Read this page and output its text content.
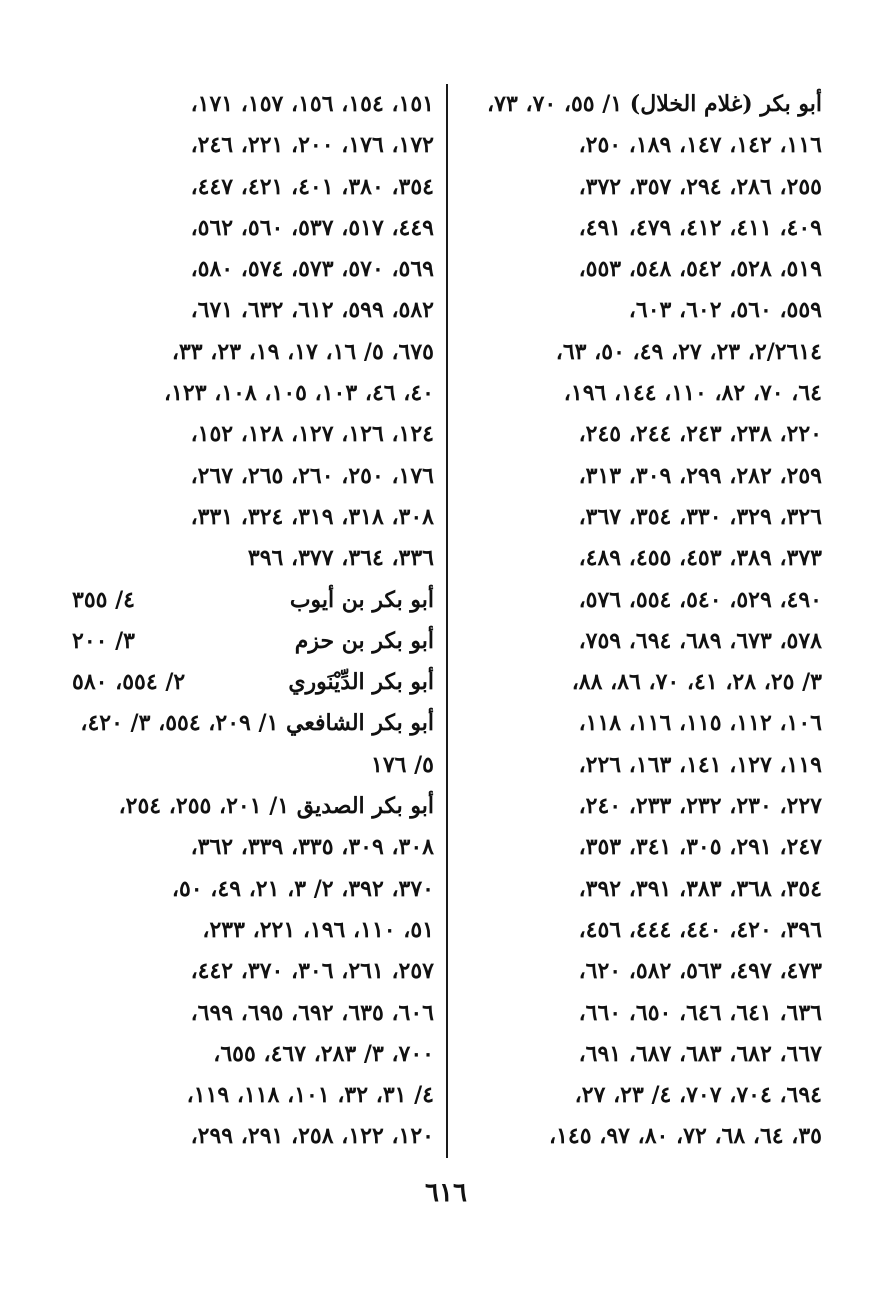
أبو بكر (غلام الخلال) ١/ ٥٥، ٧٠، ٧٣،
١١٦، ١٤٢، ١٤٧، ١٨٩، ٢٥٠،
٢٥٥، ٢٨٦، ٢٩٤، ٣٥٧، ٣٧٢،
٤٠٩، ٤١١، ٤١٢، ٤٧٩، ٤٩١،
٥١٩، ٥٢٨، ٥٤٢، ٥٤٨، ٥٥٣،
٥٥٩، ٥٦٠، ٦٠٢، ٦٠٣،
٢/٢٦١٤، ٢٣، ٢٧، ٤٩، ٥٠، ٦٣،
٦٤، ٧٠، ٨٢، ١١٠، ١٤٤، ١٩٦،
٢٢٠، ٢٣٨، ٢٤٣، ٢٤٤، ٢٤٥،
٢٥٩، ٢٨٢، ٢٩٩، ٣٠٩، ٣١٣،
٣٢٦، ٣٢٩، ٣٣٠، ٣٥٤، ٣٦٧،
٣٧٣، ٣٨٩، ٤٥٣، ٤٥٥، ٤٨٩،
٤٩٠، ٥٢٩، ٥٤٠، ٥٥٤، ٥٧٦،
٥٧٨، ٦٧٣، ٦٨٩، ٦٩٤، ٧٥٩،
٣/ ٢٥، ٢٨، ٤١، ٧٠، ٨٦، ٨٨،
١٠٦، ١١٢، ١١٥، ١١٦، ١١٨،
١١٩، ١٢٧، ١٤١، ١٦٣، ٢٢٦،
٢٢٧، ٢٣٠، ٢٣٢، ٢٣٣، ٢٤٠،
٢٤٧، ٢٩١، ٣٠٥، ٣٤١، ٣٥٣،
٣٥٤، ٣٦٨، ٣٨٣، ٣٩١، ٣٩٢،
٣٩٦، ٤٢٠، ٤٤٠، ٤٤٤، ٤٥٦،
٤٧٣، ٤٩٧، ٥٦٣، ٥٨٢، ٦٢٠،
٦٣٦، ٦٤١، ٦٤٦، ٦٥٠، ٦٦٠،
٦٦٧، ٦٨٢، ٦٨٣، ٦٨٧، ٦٩١،
٦٩٤، ٧٠٤، ٧٠٧، ٤/ ٢٣، ٢٧،
٣٥، ٦٤، ٦٨، ٧٢، ٨٠، ٩٧، ١٤٥،
١٥١، ١٥٤، ١٥٦، ١٥٧، ١٧١،
١٧٢، ١٧٦، ٢٠٠، ٢٢١، ٢٤٦،
٣٥٤، ٣٨٠، ٤٠١، ٤٢١، ٤٤٧،
٤٤٩، ٥١٧، ٥٣٧، ٥٦٠، ٥٦٢،
٥٦٩، ٥٧٠، ٥٧٣، ٥٧٤، ٥٨٠،
٥٨٢، ٥٩٩، ٦١٢، ٦٣٢، ٦٧١،
٦٧٥، ٥/ ١٦، ١٧، ١٩، ٢٣، ٣٣،
٤٠، ٤٦، ١٠٣، ١٠٥، ١٠٨، ١٢٣،
١٢٤، ١٢٦، ١٢٧، ١٢٨، ١٥٢،
١٧٦، ٢٥٠، ٢٦٠، ٢٦٥، ٢٦٧،
٣٠٨، ٣١٨، ٣١٩، ٣٢٤، ٣٣١،
٣٣٦، ٣٦٤، ٣٧٧، ٣٩٦
أبو بكر بن أيوب
٤/ ٣٥٥
أبو بكر بن حزم
٣/ ٢٠٠
أبو بكر الدِّيْنَوري
٢/ ٥٥٤، ٥٨٠
أبو بكر الشافعي ١/ ٢٠٩، ٥٥٤، ٣/ ٤٢٠،
٥/ ١٧٦
أبو بكر الصديق ١/ ٢٠١، ٢٥٥، ٢٥٤،
٣٠٨، ٣٠٩، ٣٣٥، ٣٣٩، ٣٦٢،
٣٧٠، ٣٩٢، ٢/ ٣، ٢١، ٤٩، ٥٠،
٥١، ١١٠، ١٩٦، ٢٢١، ٢٣٣،
٢٥٧، ٢٦١، ٣٠٦، ٣٧٠، ٤٤٢،
٦٠٦، ٦٣٥، ٦٩٢، ٦٩٥، ٦٩٩،
٧٠٠، ٣/ ٢٨٣، ٤٦٧، ٦٥٥،
٤/ ٣١، ٣٢، ١٠١، ١١٨، ١١٩،
١٢٠، ١٢٢، ٢٥٨، ٢٩١، ٢٩٩،
٦١٦
